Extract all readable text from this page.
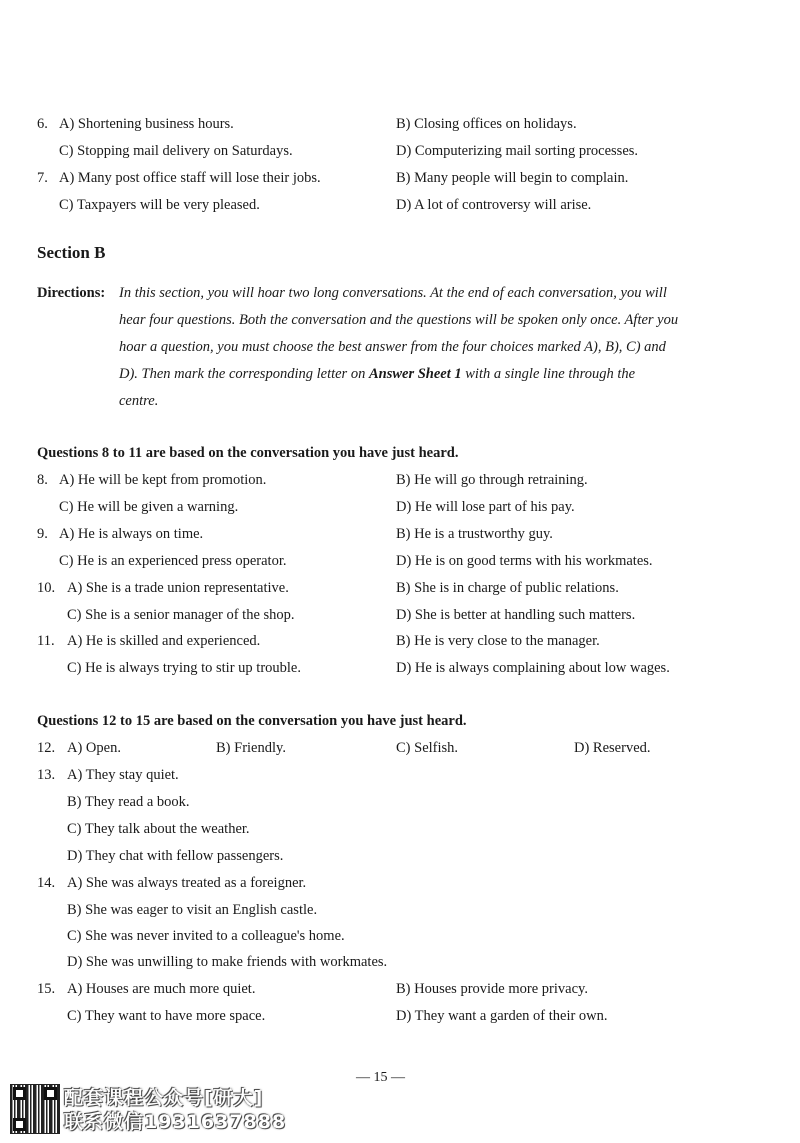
6. A) Shortening business hours.	B) Closing offices on holidays.
C) Stopping mail delivery on Saturdays.	D) Computerizing mail sorting processes.
7. A) Many post office staff will lose their jobs.	B) Many people will begin to complain.
C) Taxpayers will be very pleased.	D) A lot of controversy will arise.
Section B
Directions: In this section, you will hoar two long conversations. At the end of each conversation, you will
hear four questions. Both the conversation and the questions will be spoken only once. After you
hoar a question, you must choose the best answer from the four choices marked A), B), C) and
D). Then mark the corresponding letter on Answer Sheet 1 with a single line through the
centre.
Questions 8 to 11 are based on the conversation you have just heard.
8. A) He will be kept from promotion.	B) He will go through retraining.
C) He will be given a warning.	D) He will lose part of his pay.
9. A) He is always on time.	B) He is a trustworthy guy.
C) He is an experienced press operator.	D) He is on good terms with his workmates.
10. A) She is a trade union representative.	B) She is in charge of public relations.
C) She is a senior manager of the shop.	D) She is better at handling such matters.
11. A) He is skilled and experienced.	B) He is very close to the manager.
C) He is always trying to stir up trouble.	D) He is always complaining about low wages.
Questions 12 to 15 are based on the conversation you have just heard.
12. A) Open.	B) Friendly.	C) Selfish.	D) Reserved.
13. A) They stay quiet.
B) They read a book.
C) They talk about the weather.
D) They chat with fellow passengers.
14. A) She was always treated as a foreigner.
B) She was eager to visit an English castle.
C) She was never invited to a colleague's home.
D) She was unwilling to make friends with workmates.
15. A) Houses are much more quiet.	B) Houses provide more privacy.
C) They want to have more space.	D) They want a garden of their own.
— 15 —
配套课程公众号[研大]
联系微信1931637888
